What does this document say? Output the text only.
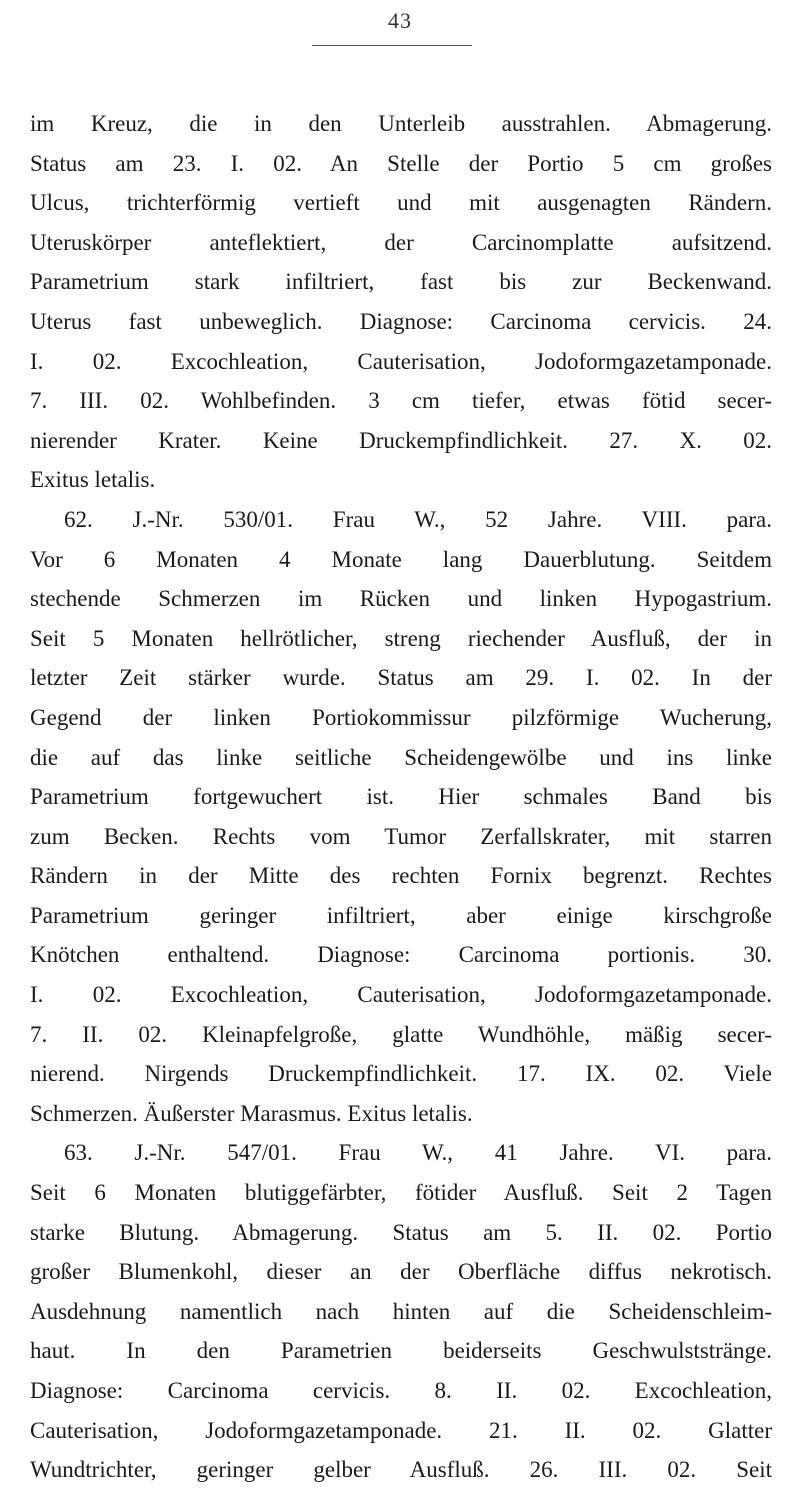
43
im Kreuz, die in den Unterleib ausstrahlen. Abmagerung.
Status am 23. I. 02. An Stelle der Portio 5 cm großes
Ulcus, trichterförmig vertieft und mit ausgenagten Rändern.
Uteruskörper anteflektiert, der Carcinomplatte aufsitzend.
Parametrium stark infiltriert, fast bis zur Beckenwand.
Uterus fast unbeweglich. Diagnose: Carcinoma cervicis. 24.
I. 02. Excochleation, Cauterisation, Jodoformgazetamponade.
7. III. 02. Wohlbefinden. 3 cm tiefer, etwas fötid secer-
nierender Krater. Keine Druckempfindlichkeit. 27. X. 02.
Exitus letalis.
62. J.-Nr. 530/01. Frau W., 52 Jahre. VIII. para.
Vor 6 Monaten 4 Monate lang Dauerblutung. Seitdem
stechende Schmerzen im Rücken und linken Hypogastrium.
Seit 5 Monaten hellrötlicher, streng riechender Ausfluß, der in
letzter Zeit stärker wurde. Status am 29. I. 02. In der
Gegend der linken Portiokommissur pilzförmige Wucherung,
die auf das linke seitliche Scheidengewölbe und ins linke
Parametrium fortgewuchert ist. Hier schmales Band bis
zum Becken. Rechts vom Tumor Zerfallskrater, mit starren
Rändern in der Mitte des rechten Fornix begrenzt. Rechtes
Parametrium geringer infiltriert, aber einige kirschgroße
Knötchen enthaltend. Diagnose: Carcinoma portionis. 30.
I. 02. Excochleation, Cauterisation, Jodoformgazetamponade.
7. II. 02. Kleinapfelgroße, glatte Wundhöhle, mäßig secer-
nierend. Nirgends Druckempfindlichkeit. 17. IX. 02. Viele
Schmerzen. Äußerster Marasmus. Exitus letalis.
63. J.-Nr. 547/01. Frau W., 41 Jahre. VI. para.
Seit 6 Monaten blutiggefärbter, fötider Ausfluß. Seit 2 Tagen
starke Blutung. Abmagerung. Status am 5. II. 02. Portio
großer Blumenkohl, dieser an der Oberfläche diffus nekrotisch.
Ausdehnung namentlich nach hinten auf die Scheidenschleim-
haut. In den Parametrien beiderseits Geschwulststränge.
Diagnose: Carcinoma cervicis. 8. II. 02. Excochleation,
Cauterisation, Jodoformgazetamponade. 21. II. 02. Glatter
Wundtrichter, geringer gelber Ausfluß. 26. III. 02. Seit
